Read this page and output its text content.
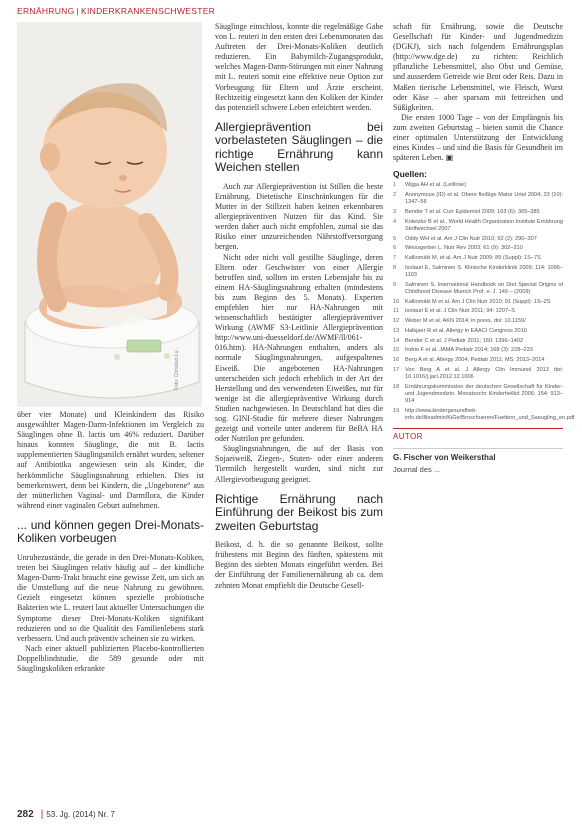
ERNÄHRUNG | KINDERKRANKENSCHWESTER
Foto: Christian Lu...

über vier Monate) und Kleinkindern das Risiko ausgewählter Magen-Darm-Infektionen im Vergleich zu Säuglingen ohne B. lactis um 46% reduziert. Darüber hinaus konnten Säuglinge, die mit B. lactis supplementierten Säuglingsmilch ernährt wurden, seltener auf Antibiotika angewiesen sein als Kinder, die herkömmliche Säuglingsnahrung erhielten. Dies ist bemerkenswert, denn bei Kindern, die „Ungeborene“ aus der mütterlichen Vaginal- und Darmflora, die Kinder während einer vaginalen Geburt aufnehmen.

... und können gegen Drei-Monats-Koliken vorbeugen

Unruhezustände, die gerade in den Drei-Monats-Koliken, treten bei Säuglingen relativ häufig auf – der kindliche Magen-Darm-Trakt braucht eine gewisse Zeit, um sich an die Umstellung auf die neue Nahrung zu gewöhnen. Gezielt eingesetzt können spezielle probiotische Bakterien wie L. reuteri laut aktueller Untersuchungen die Symptome dieser Drei-Monats-Koliken signifikant reduzieren und so die Qualität des Familienlebens stark verbessern. Und auch präventiv scheinen sie zu wirken.

Nach einer aktuell publizierten Placebo-kontrollierten Doppelblindstudie, die 589 gesunde oder mit Säuglingskoliken erkrankte

Säuglinge einschloss, konnte die regelmäßige Gabe von L. reuteri in den ersten drei Lebensmonaten das Auftreten der Drei-Monats-Koliken deutlich reduzieren. Ein Babymilch-Zugangsprodukt, welches Magen-Darm-Störungen mit einer Nahrung mit L. reuteri somit eine effektive neue Option zur Vorbeugung für Eltern und Ärzte erscheint. Rechtzeitig eingesetzt kann den Koliken der Kinder das potenziell schwere Leben erleichtert werden.

Allergieprävention bei vorbelasteten Säuglingen – die richtige Ernährung kann Weichen stellen

Auch zur Allergieprävention ist Stillen die beste Ernährung. Dietetische Einschränkungen für die Mutter in der Stillzeit haben keinen erkennbaren allergiepräventiven Nutzen für das Kind. Sie werden daher auch nicht empfohlen, zumal sie das Risiko einer unzureichenden Nährstoffversorgung bergen.

Nicht oder nicht voll gestillte Säuglinge, deren Eltern oder Geschwister von einer Allergie betroffen sind, sollten im ersten Lebensjahr bis zu einem HA-Säuglingsnahrung erhalten (mindestens bis zum Beginn des 5. Monats). Experten empfehlen hier nur HA-Nahrungen mit wissenschaftlich bestätigter allergiepräventiver Wirkung (AWMF S3-Leitlinie Allergieprävention http://www.uni-duesseldorf.de/AWMF/ll/061-016.htm). HA-Nahrungen enthalten, anders als normale Säuglingsnahrungen, aufgespaltenes Eiweiß. Die angebotenen HA-Nahrungen unterscheiden sich jedoch erheblich in der Art der Herstellung und des verwendeten Eiweißes, nur für wenige ist die allergiepräventive Wirkung durch Studien nachgewiesen. In Deutschland hat dies die sog. GINI-Studie für mehrere dieser Nahrungen gezeigt und vorteile unter anderem für BeBA HA oder Nutrilon pre gefunden.

Säuglingsnahrungen, die auf der Basis von Sojaeiweiß, Ziegen-, Stuten- oder einer anderen Tiermilch hergestellt wurden, sind nicht zur Allergievorbeugung geeignet.

Richtige Ernährung nach Einführung der Beikost bis zum zweiten Geburtstag

Beikost, d. h. die so genannte Beikost, sollte frühestens mit Beginn des fünften, spätestens mit Beginn des siebten Monats eingeführt werden. Bei der Einführung der Familienernährung ab ca. dem zehnten Monat empfiehlt die Deutsche Gesell-

schaft für Ernährung, sowie die Deutsche Gesellschaft für Kinder- und Jugendmedizin (DGKJ), sich nach folgendem Ernährungsplan (http://www.dge.de) zu richten: Reichlich pflanzliche Lebensmittel, also Obst und Gemüse, und ausserdem Getreide wie Brot oder Reis. Dazu in Maßen tierische Lebensmittel, wie Fleisch, Wurst oder Käse – aber sparsam mit fettreichen und Süßigkeiten.

Die ersten 1000 Tage – von der Empfängnis bis zum zweiten Geburtstag – bieten somit die Chance einer optimalen Unterstützung der Entwicklung eines Kindes – und sind die Basis für Gesundheit im späteren Leben. ▣

Quellen:
1	Wijga AH et al. (Leitlinie)
2	Anonymous (ID) et al. Obere fleißige Matur Urtel 2004; 33 (10): 1347–56
3	Bender T et al. Curr Epidemiol 2009; 163 (6): 365–385
4	Koletzko B et al., World Health Organization Institute Ernährung Stoffwechsel 2007
5	Oddy WH et al. Am J Clin Nutr 2010; 92 (2): 290–307
6	Weissgerber L. Nutr Rev 2003; 61 (9): 302–310
7	Kalliomäki M, et al. Am J Nutr 2009; 89 (Suppl): 1S–7S
8	Isolauri E, Salminen S. Klinische Kinderklinik 2009; 114: 1096–1103
9	Salminen S, International Handbook on Diet Special Origins of Childhood Disease Munich Prof. e. J. 149 – (2009)
10	Kalliomäki M et al. Am J Clin Nutr 2010; 91 (Suppl): 1S–2S
11	Isolauri E et al. J Clin Nutr 2011; 94: 1207–S
12	Weber M et al. AKN 2014; in press, doi: 10.1159/
13	Halkjaer R et al. Allergy in EAACI Congress 2010
14	Bender C et al. J Pediatr 2011; 160: 1396–1402
15	Indrio F et al. JAMA Pediatr 2014; 168 (3): 228–233
16	Berg A et al. Allergy 2004; Pediatr 2011; MS: 2013–2014
17	Von Berg A et al. J Allergy Clin Immunol 2013 doi: 10.1016/j.jaci.2012.12.1006
18	Ernährungskommission der deutschen Gesellschaft für Kinder- und Jugendmedizin. Monatsschr Kinderheilkd 2006; 154: 913–914
19	http://www.kindergesundheit-info.de/fileadmin/KiGe/Broschueren/Fuettern_und_Saeugling_en.pdf
AUTOR
G. Fischer von Weikersthal
Journal des ...
282 | 53. Jg. (2014) Nr. 7
